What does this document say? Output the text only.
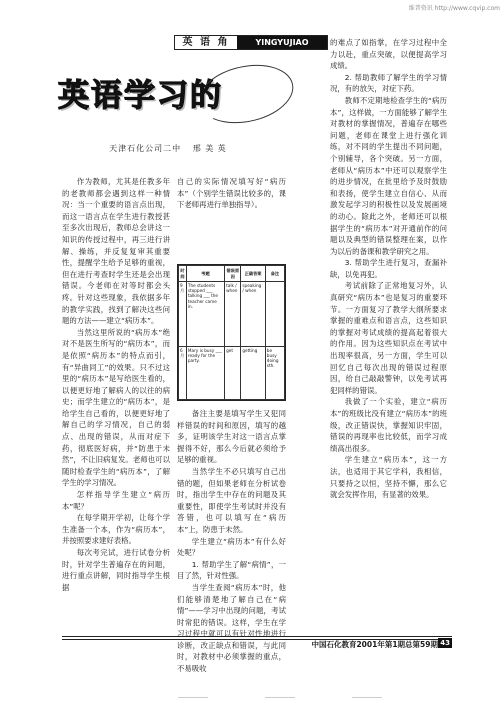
维普资讯 http://www.cqvip.com
英 语 角	YINGYUJIAO
英语学习的
天津石化公司二中 邢 美 英

作为教师，尤其是任教多年的老教师都会遇到这样一种情况：当一个重要的语言点出现，而这一语言点在学生进行教授甚至多次出现后，教师总会讲这一知识的传授过程中，再三进行讲解、操练，并反复复审其重要性，提醒学生给予足够的重视，但在进行考查时学生还是会出现错误。今老师在对等时都会头疼。针对这些现象，我依据多年的教学实践，找到了解决这些问题的方法——建立“病历本”。

当然这里所说的“病历本”绝对不是医生所写的“病历本”，而是依照“病历本”的特点而引，有“异曲同工”的效果。只不过这里的“病历本”是写给医生看的，以便更好地了解病人的以往的病史；而学生建立的“病历本”，是给学生自己看的，以便更好地了解自己的学习情况，自己的弱点、出现的错误，从而对症下药，彻底医好病，并“防患于未然”，不让旧病复发。老师也可以随时检查学生的“病历本”，了解学生的学习情况。

怎样指导学生建立“病历本”呢？

在每学期开学初，让每个学生准备一个本，作为“病历本”，并按照要求建好表格。

每次考完试，进行试卷分析时，针对学生普遍存在的问题，进行重点讲解，同时指导学生根据

自己的实际情况填写好“病历本”（个别学生错误比较多的，课下老师再进行单独指导）。

时间	考题	错误原因	正确答案	备注
9月	The students stopped ___ talking ___ the teacher came in.	talk / when	speaking / when	
6月	Mary is busy ___ ready for the party.	get	getting	be busy doing sth.

备注主要是填写学生又犯同样错误的时间和原因，填写的越多，证明该学生对这一语言点掌握得不好，那么今后就必须给予足够的重视。

当然学生不必只填写自己出错的题，但如果老师在分析试卷时，指出学生中存在的问题及其重要性，即使学生考试时并没有答错，也可以填写在“病历本”上，防患于未然。

学生建立“病历本”有什么好处呢？

1. 帮助学生了解“病情”，一目了然，针对性强。

当学生查阅“病历本”时，他们能够清楚地了解自己在“病情”——学习中出现的问题，考试时常犯的错误。这样，学生在学习过程中就可以有针对性地进行诊断，改正缺点和错误，与此同时，对教材中必须掌握的重点，不易吸收

的难点了如指掌，在学习过程中全力以赴，重点突破，以便提高学习成绩。

2. 帮助教师了解学生的学习情况，有的放矢，对症下药。

教师不定期地检查学生的“病历本”，这样做，一方面能够了解学生对教材的掌握情况，普遍存在哪些问题，老师在课堂上进行强化训练，对不同的学生提出不同问题，个别辅导，各个突破。另一方面，老师从“病历本”中还可以观察学生的进步情况，在批里给予及时鼓励和表扬，使学生建立自信心、从而激发起学习的积极性以及发展画境的动心。除此之外，老师还可以根据学生的“病历本”对开通前作的问题以及典型的错误整理在案，以作为以后的备课和教学研究之用。

3. 帮助学生进行复习，查漏补缺，以免再犯。

考试前除了正常地复习外，认真研究“病历本”也是复习的重要环节。一方面复习了教学大纲所要求掌握的重难点和语言点，这些知识的掌握对考试成绩的提高起着很大的作用。因为这些知识点在考试中出现率很高，另一方面，学生可以回忆自己每次出现的错误过程原因，给自己敲敲警钟，以免考试再犯同样的错误。

我做了一个实验，建立“病历本”的班级比没有建立“病历本”的班级，改正错误快，掌握知识牢固，错误的再现率也比较低，而学习成绩高出很多。

学生建立“病历本”，这一方法，也适用于其它学科，我相信，只要持之以恒，坚持不懈，那么它就会发挥作用，有显著的效果。

中国石化教育2001年第1期总第59期 43
